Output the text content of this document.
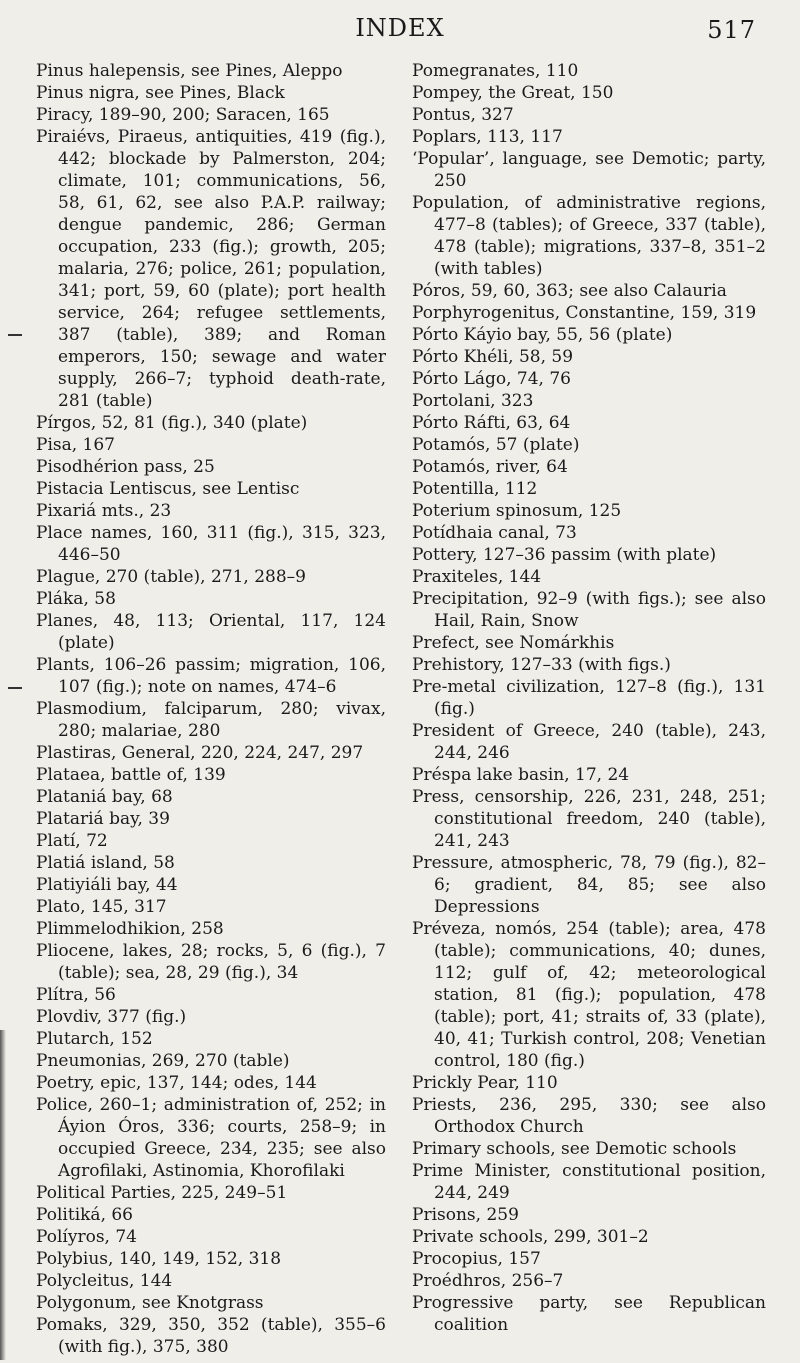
INDEX	517

Pinus halepensis, see Pines, Aleppo

Pinus nigra, see Pines, Black

Piracy, 189–90, 200; Saracen, 165

Piraiévs, Piraeus, antiquities, 419 (fig.), 442; blockade by Palmerston, 204; climate, 101; communications, 56, 58, 61, 62, see also P.A.P. railway; dengue pandemic, 286; German occupation, 233 (fig.); growth, 205; malaria, 276; police, 261; population, 341; port, 59, 60 (plate); port health service, 264; refugee settlements, 387 (table), 389; and Roman emperors, 150; sewage and water supply, 266–7; typhoid death-rate, 281 (table)

Pírgos, 52, 81 (fig.), 340 (plate)

Pisa, 167

Pisodhérion pass, 25

Pistacia Lentiscus, see Lentisc

Pixariá mts., 23

Place names, 160, 311 (fig.), 315, 323, 446–50

Plague, 270 (table), 271, 288–9

Pláka, 58

Planes, 48, 113; Oriental, 117, 124 (plate)

Plants, 106–26 passim; migration, 106, 107 (fig.); note on names, 474–6

Plasmodium, falciparum, 280; vivax, 280; malariae, 280

Plastiras, General, 220, 224, 247, 297

Plataea, battle of, 139

Plataniá bay, 68

Platariá bay, 39

Platí, 72

Platiá island, 58

Platiyiáli bay, 44

Plato, 145, 317

Plimmelodhikion, 258

Pliocene, lakes, 28; rocks, 5, 6 (fig.), 7 (table); sea, 28, 29 (fig.), 34

Plítra, 56

Plovdiv, 377 (fig.)

Plutarch, 152

Pneumonias, 269, 270 (table)

Poetry, epic, 137, 144; odes, 144

Police, 260–1; administration of, 252; in Áyion Óros, 336; courts, 258–9; in occupied Greece, 234, 235; see also Agrofilaki, Astinomia, Khorofilaki

Political Parties, 225, 249–51

Politiká, 66

Políyros, 74

Polybius, 140, 149, 152, 318

Polycleitus, 144

Polygonum, see Knotgrass

Pomaks, 329, 350, 352 (table), 355–6 (with fig.), 375, 380

Pomegranates, 110

Pompey, the Great, 150

Pontus, 327

Poplars, 113, 117

‘Popular’, language, see Demotic; party, 250

Population, of administrative regions, 477–8 (tables); of Greece, 337 (table), 478 (table); migrations, 337–8, 351–2 (with tables)

Póros, 59, 60, 363; see also Calauria

Porphyrogenitus, Constantine, 159, 319

Pórto Káyio bay, 55, 56 (plate)

Pórto Khéli, 58, 59

Pórto Lágo, 74, 76

Portolani, 323

Pórto Ráfti, 63, 64

Potamós, 57 (plate)

Potamós, river, 64

Potentilla, 112

Poterium spinosum, 125

Potídhaia canal, 73

Pottery, 127–36 passim (with plate)

Praxiteles, 144

Precipitation, 92–9 (with figs.); see also Hail, Rain, Snow

Prefect, see Nomárkhis

Prehistory, 127–33 (with figs.)

Pre-metal civilization, 127–8 (fig.), 131 (fig.)

President of Greece, 240 (table), 243, 244, 246

Préspa lake basin, 17, 24

Press, censorship, 226, 231, 248, 251; constitutional freedom, 240 (table), 241, 243

Pressure, atmospheric, 78, 79 (fig.), 82–6; gradient, 84, 85; see also Depressions

Préveza, nomós, 254 (table); area, 478 (table); communications, 40; dunes, 112; gulf of, 42; meteorological station, 81 (fig.); population, 478 (table); port, 41; straits of, 33 (plate), 40, 41; Turkish control, 208; Venetian control, 180 (fig.)

Prickly Pear, 110

Priests, 236, 295, 330; see also Orthodox Church

Primary schools, see Demotic schools

Prime Minister, constitutional position, 244, 249

Prisons, 259

Private schools, 299, 301–2

Procopius, 157

Proédhros, 256–7

Progressive party, see Republican coalition
